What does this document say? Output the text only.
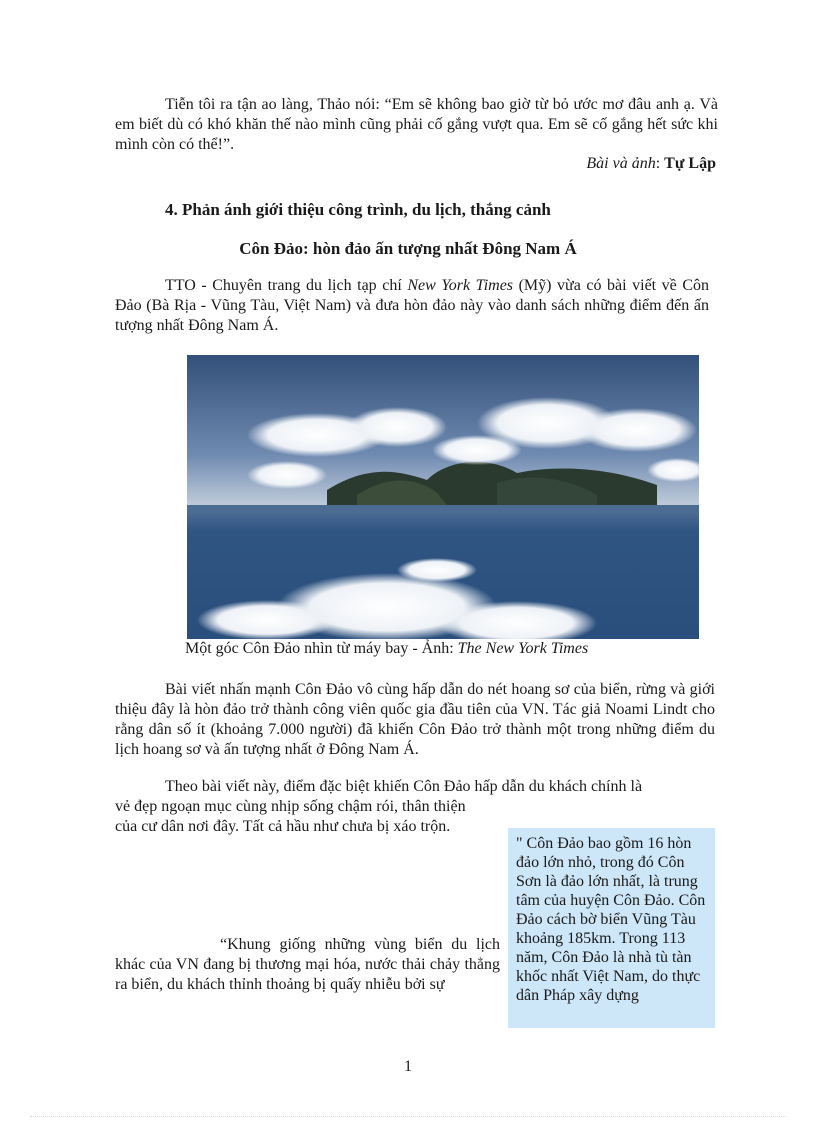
Tiễn tôi ra tận ao làng, Thảo nói: “Em sẽ không bao giờ từ bỏ ước mơ đâu anh ạ. Và em biết dù có khó khăn thế nào mình cũng phải cố gắng vượt qua. Em sẽ cố gắng hết sức khi mình còn có thể!”.

Bài và ảnh: Tự Lập
4. Phản ánh giới thiệu công trình, du lịch, thắng cảnh
Côn Đảo: hòn đảo ấn tượng nhất Đông Nam Á

TTO - Chuyên trang du lịch tạp chí New York Times (Mỹ) vừa có bài viết về Côn Đảo (Bà Rịa - Vũng Tàu, Việt Nam) và đưa hòn đảo này vào danh sách những điểm đến ấn tượng nhất Đông Nam Á.

Một góc Côn Đảo nhìn từ máy bay - Ảnh: The New York Times

Bài viết nhấn mạnh Côn Đảo vô cùng hấp dẫn do nét hoang sơ của biển, rừng và giới thiệu đây là hòn đảo trở thành công viên quốc gia đầu tiên của VN. Tác giả Noami Lindt cho rằng dân số ít (khoảng 7.000 người) đã khiến Côn Đảo trở thành một trong những điểm du lịch hoang sơ và ấn tượng nhất ở Đông Nam Á.

Theo bài viết này, điểm đặc biệt khiến Côn Đảo hấp dẫn du khách chính là

vẻ đẹp ngoạn mục cùng nhịp sống chậm rói, thân thiện của cư dân nơi đây. Tất cả hầu như chưa bị xáo trộn.

“Khung giống những vùng biển du lịch khác của VN đang bị thương mại hóa, nước thải chảy thẳng ra biển, du khách thỉnh thoảng bị quấy nhiễu bởi sự

" Côn Đảo bao gồm 16 hòn đảo lớn nhỏ, trong đó Côn Sơn là đảo lớn nhất, là trung tâm của huyện Côn Đảo. Côn Đảo cách bờ biển Vũng Tàu khoảng 185km. Trong 113 năm, Côn Đảo là nhà tù tàn khốc nhất Việt Nam, do thực dân Pháp xây dựng

1
